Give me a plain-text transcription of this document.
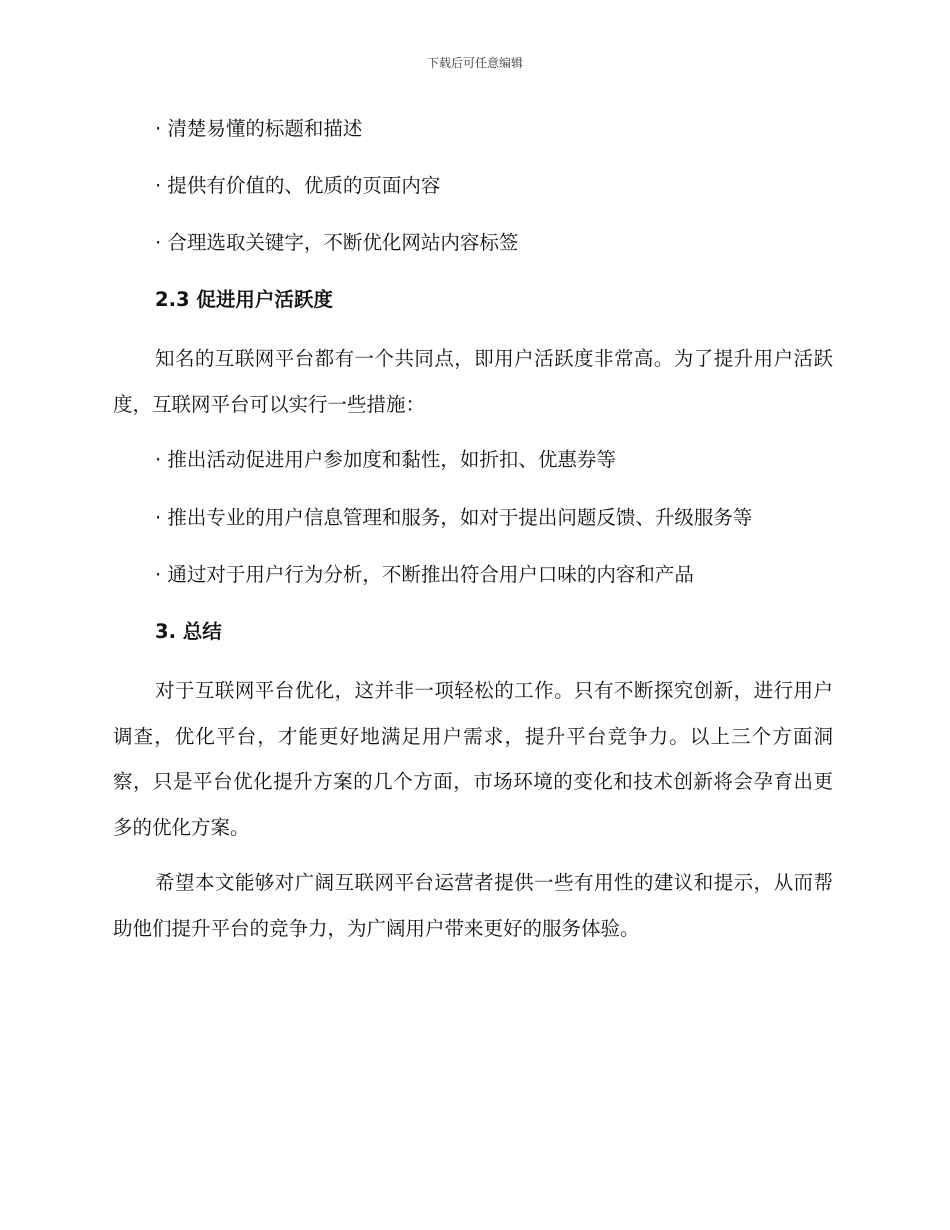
下载后可任意编辑
· 清楚易懂的标题和描述
· 提供有价值的、优质的页面内容
· 合理选取关键字，不断优化网站内容标签
2.3 促进用户活跃度

知名的互联网平台都有一个共同点，即用户活跃度非常高。为了提升用户活跃度，互联网平台可以实行一些措施：

· 推出活动促进用户参加度和黏性，如折扣、优惠券等
· 推出专业的用户信息管理和服务，如对于提出问题反馈、升级服务等
· 通过对于用户行为分析，不断推出符合用户口味的内容和产品
3. 总结

对于互联网平台优化，这并非一项轻松的工作。只有不断探究创新，进行用户调查，优化平台，才能更好地满足用户需求，提升平台竞争力。以上三个方面洞察，只是平台优化提升方案的几个方面，市场环境的变化和技术创新将会孕育出更多的优化方案。

希望本文能够对广阔互联网平台运营者提供一些有用性的建议和提示，从而帮助他们提升平台的竞争力，为广阔用户带来更好的服务体验。
